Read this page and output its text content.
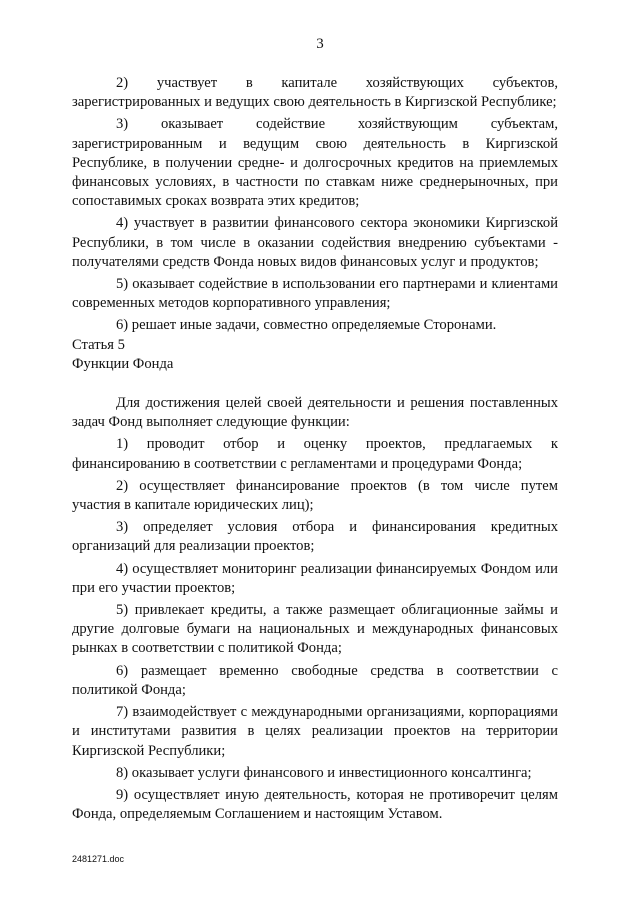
3

2) участвует в капитале хозяйствующих субъектов, зарегистрированных и ведущих свою деятельность в Киргизской Республике;

3) оказывает содействие хозяйствующим субъектам, зарегистрированным и ведущим свою деятельность в Киргизской Республике, в получении средне- и долгосрочных кредитов на приемлемых финансовых условиях, в частности по ставкам ниже среднерыночных, при сопоставимых сроках возврата этих кредитов;

4) участвует в развитии финансового сектора экономики Киргизской Республики, в том числе в оказании содействия внедрению субъектами - получателями средств Фонда новых видов финансовых услуг и продуктов;

5) оказывает содействие в использовании его партнерами и клиентами современных методов корпоративного управления;

6) решает иные задачи, совместно определяемые Сторонами.

Статья 5

Функции Фонда

Для достижения целей своей деятельности и решения поставленных задач Фонд выполняет следующие функции:

1) проводит отбор и оценку проектов, предлагаемых к финансированию в соответствии с регламентами и процедурами Фонда;

2) осуществляет финансирование проектов (в том числе путем участия в капитале юридических лиц);

3) определяет условия отбора и финансирования кредитных организаций для реализации проектов;

4) осуществляет мониторинг реализации финансируемых Фондом или при его участии проектов;

5) привлекает кредиты, а также размещает облигационные займы и другие долговые бумаги на национальных и международных финансовых рынках в соответствии с политикой Фонда;

6) размещает временно свободные средства в соответствии с политикой Фонда;

7) взаимодействует с международными организациями, корпорациями и институтами развития в целях реализации проектов на территории Киргизской Республики;

8) оказывает услуги финансового и инвестиционного консалтинга;

9) осуществляет иную деятельность, которая не противоречит целям Фонда, определяемым Соглашением и настоящим Уставом.

2481271.doc
